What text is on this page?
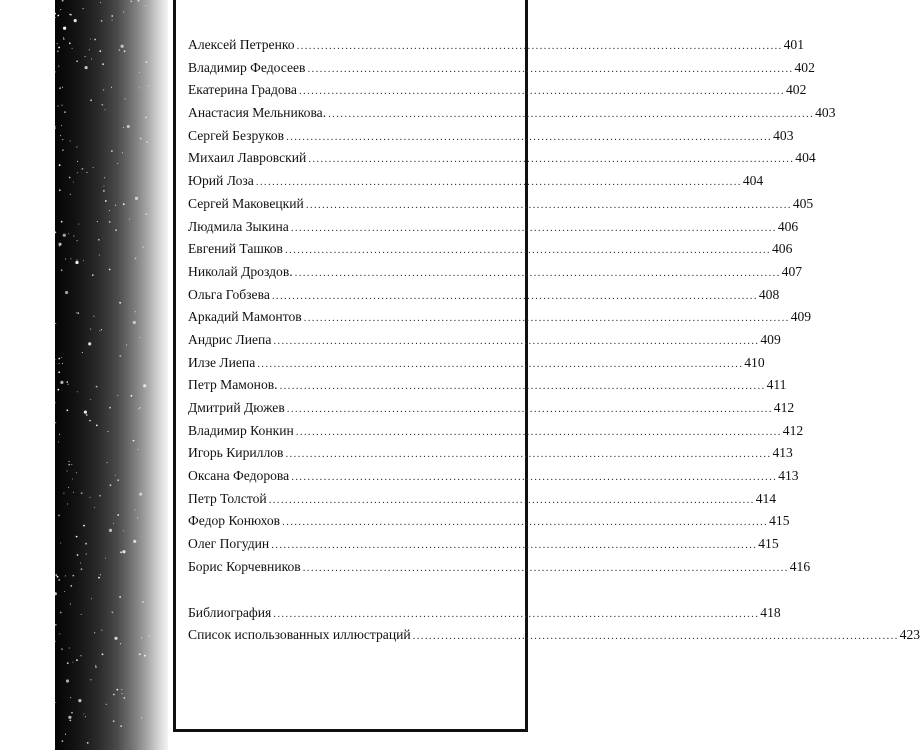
Алексей Петренко ........................................................................................................................ 401
Владимир Федосеев ........................................................................................................................ 402
Екатерина Градова ........................................................................................................................ 402
Анастасия Мельникова. ........................................................................................................................ 403
Сергей Безруков ........................................................................................................................ 403
Михаил Лавровский ........................................................................................................................ 404
Юрий Лоза ........................................................................................................................ 404
Сергей Маковецкий ........................................................................................................................ 405
Людмила Зыкина ........................................................................................................................ 406
Евгений Ташков ........................................................................................................................ 406
Николай Дроздов. ........................................................................................................................ 407
Ольга Гобзева ........................................................................................................................ 408
Аркадий Мамонтов ........................................................................................................................ 409
Андрис Лиепа ........................................................................................................................ 409
Илзе Лиепа ........................................................................................................................ 410
Петр Мамонов. ........................................................................................................................ 411
Дмитрий Дюжев ........................................................................................................................ 412
Владимир Конкин ........................................................................................................................ 412
Игорь Кириллов ........................................................................................................................ 413
Оксана Федорова ........................................................................................................................ 413
Петр Толстой ........................................................................................................................ 414
Федор Конюхов ........................................................................................................................ 415
Олег Погудин ........................................................................................................................ 415
Борис Корчевников ........................................................................................................................ 416
Библиография ........................................................................................................................ 418
Список использованных иллюстраций ........................................................................................................................ 423
